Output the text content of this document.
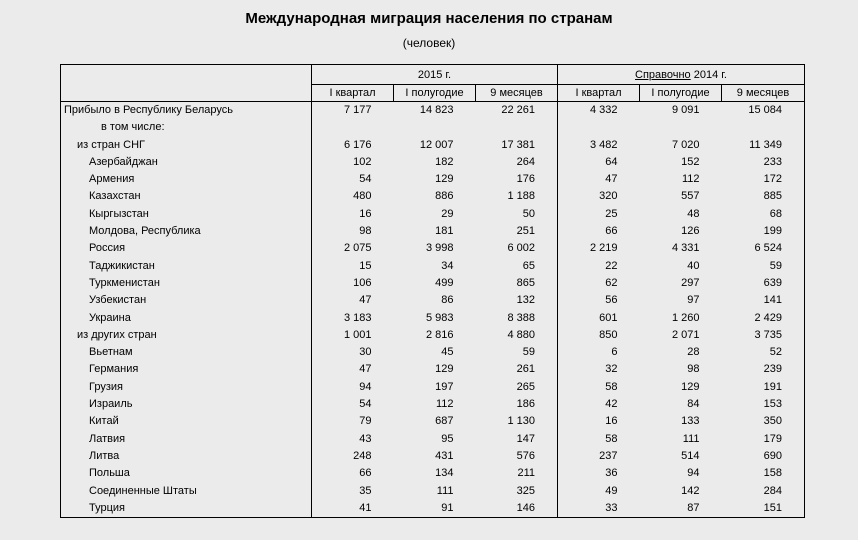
Международная миграция населения по странам
(человек)
	2015 г.			Справочно 2014 г.		
	I квартал	I полугодие	9 месяцев	I квартал	I полугодие	9 месяцев
Прибыло в Республику Беларусь	7 177	14 823	22 261	4 332	9 091	15 084
в том числе:						
из стран СНГ	6 176	12 007	17 381	3 482	7 020	11 349
Азербайджан	102	182	264	64	152	233
Армения	54	129	176	47	112	172
Казахстан	480	886	1 188	320	557	885
Кыргызстан	16	29	50	25	48	68
Молдова, Республика	98	181	251	66	126	199
Россия	2 075	3 998	6 002	2 219	4 331	6 524
Таджикистан	15	34	65	22	40	59
Туркменистан	106	499	865	62	297	639
Узбекистан	47	86	132	56	97	141
Украина	3 183	5 983	8 388	601	1 260	2 429
из других стран	1 001	2 816	4 880	850	2 071	3 735
Вьетнам	30	45	59	6	28	52
Германия	47	129	261	32	98	239
Грузия	94	197	265	58	129	191
Израиль	54	112	186	42	84	153
Китай	79	687	1 130	16	133	350
Латвия	43	95	147	58	111	179
Литва	248	431	576	237	514	690
Польша	66	134	211	36	94	158
Соединенные Штаты	35	111	325	49	142	284
Турция	41	91	146	33	87	151
